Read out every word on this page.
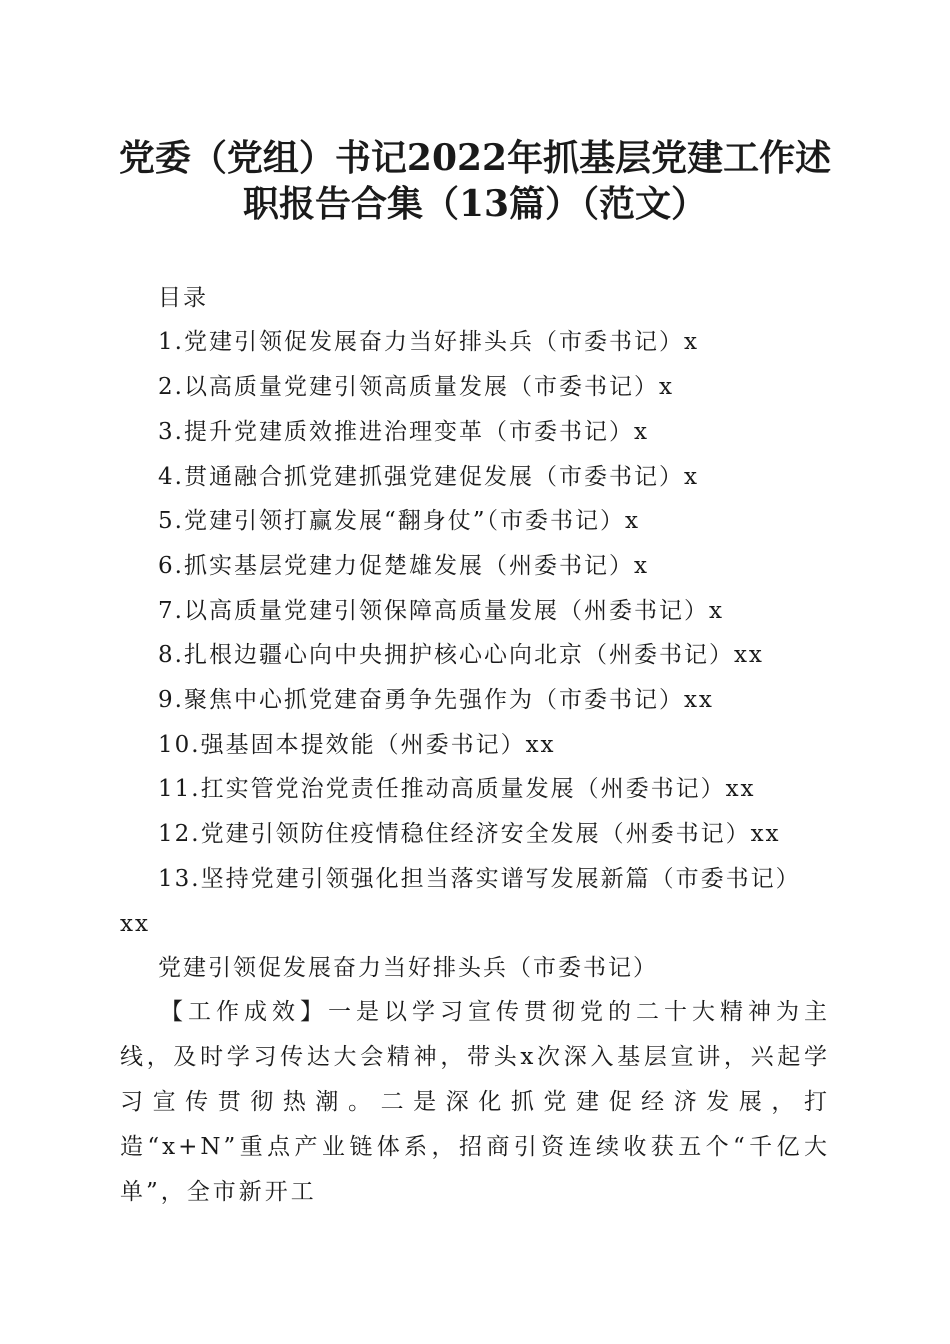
党委（党组）书记2022年抓基层党建工作述
职报告合集（13篇）（范文）
目录
1.党建引领促发展奋力当好排头兵（市委书记）x
2.以高质量党建引领高质量发展（市委书记）x
3.提升党建质效推进治理变革（市委书记）x
4.贯通融合抓党建抓强党建促发展（市委书记）x
5.党建引领打赢发展“翻身仗”（市委书记）x
6.抓实基层党建力促楚雄发展（州委书记）x
7.以高质量党建引领保障高质量发展（州委书记）x
8.扎根边疆心向中央拥护核心心向北京（州委书记）xx
9.聚焦中心抓党建奋勇争先强作为（市委书记）xx
10.强基固本提效能（州委书记）xx
11.扛实管党治党责任推动高质量发展（州委书记）xx
12.党建引领防住疫情稳住经济安全发展（州委书记）xx
13.坚持党建引领强化担当落实谱写发展新篇（市委书记）
xx
党建引领促发展奋力当好排头兵（市委书记）

【工作成效】一是以学习宣传贯彻党的二十大精神为主线，及时学习传达大会精神，带头x次深入基层宣讲，兴起学习宣传贯彻热潮。二是深化抓党建促经济发展，打造“x+N”重点产业链体系，招商引资连续收获五个“千亿大单”，全市新开工
